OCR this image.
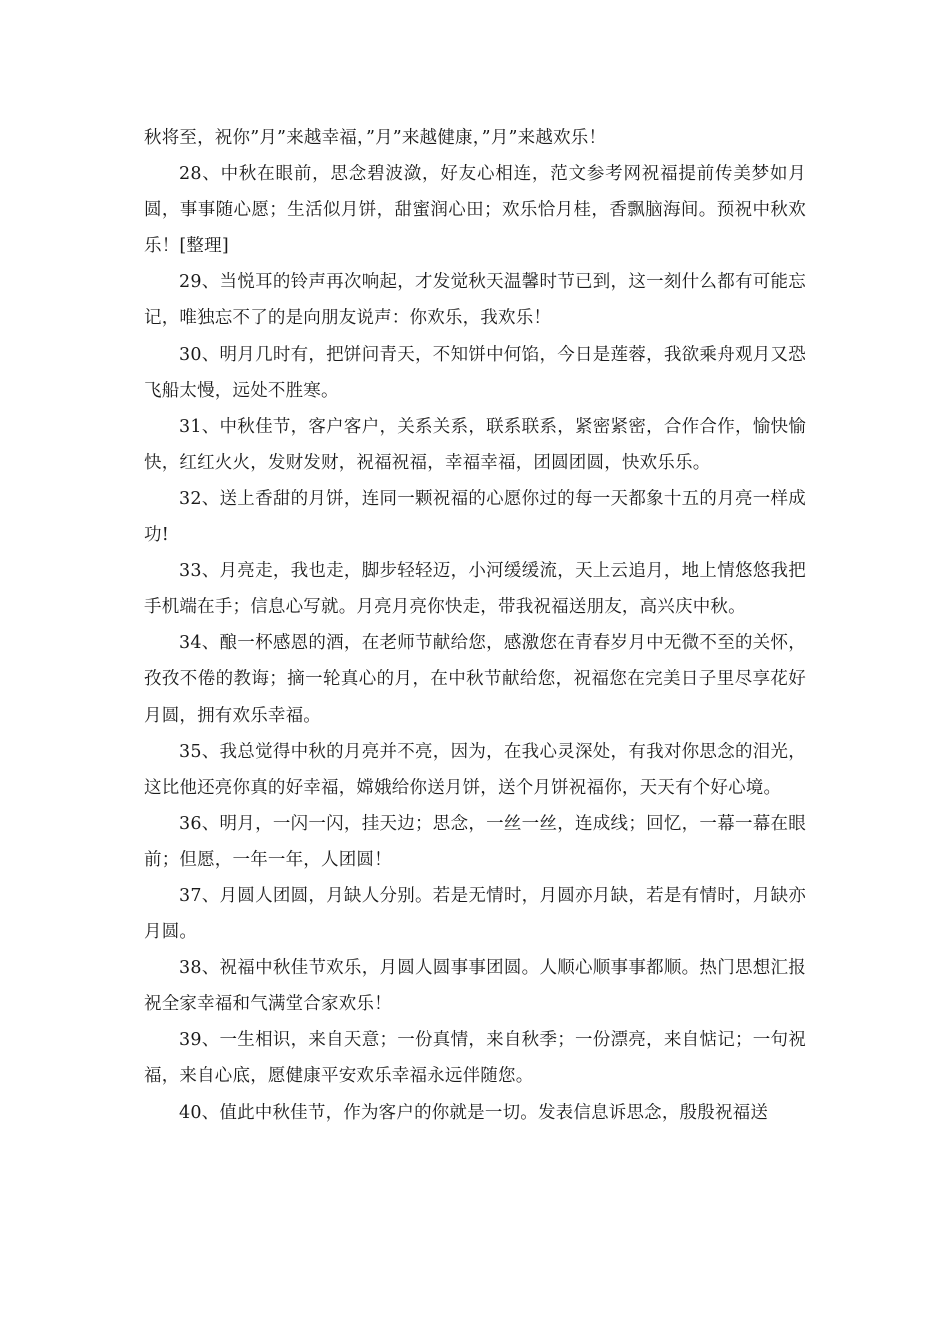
秋将至，祝你”月”来越幸福，”月”来越健康，”月”来越欢乐！

28、中秋在眼前，思念碧波潋，好友心相连，范文参考网祝福提前传美梦如月圆，事事随心愿；生活似月饼，甜蜜润心田；欢乐恰月桂，香飘脑海间。预祝中秋欢乐！[整理]

29、当悦耳的铃声再次响起，才发觉秋天温馨时节已到，这一刻什么都有可能忘记，唯独忘不了的是向朋友说声：你欢乐，我欢乐！

30、明月几时有，把饼问青天，不知饼中何馅，今日是莲蓉，我欲乘舟观月又恐飞船太慢，远处不胜寒。

31、中秋佳节，客户客户，关系关系，联系联系，紧密紧密，合作合作，愉快愉快，红红火火，发财发财，祝福祝福，幸福幸福，团圆团圆，快欢乐乐。

32、送上香甜的月饼，连同一颗祝福的心愿你过的每一天都象十五的月亮一样成功!

33、月亮走，我也走，脚步轻轻迈，小河缓缓流，天上云追月，地上情悠悠我把手机端在手；信息心写就。月亮月亮你快走，带我祝福送朋友，高兴庆中秋。

34、酿一杯感恩的酒，在老师节献给您，感激您在青春岁月中无微不至的关怀，孜孜不倦的教诲；摘一轮真心的月，在中秋节献给您，祝福您在完美日子里尽享花好月圆，拥有欢乐幸福。

35、我总觉得中秋的月亮并不亮，因为，在我心灵深处，有我对你思念的泪光，这比他还亮你真的好幸福，嫦娥给你送月饼，送个月饼祝福你，天天有个好心境。

36、明月，一闪一闪，挂天边；思念，一丝一丝，连成线；回忆，一幕一幕在眼前；但愿，一年一年，人团圆！

37、月圆人团圆，月缺人分别。若是无情时，月圆亦月缺，若是有情时，月缺亦月圆。

38、祝福中秋佳节欢乐，月圆人圆事事团圆。人顺心顺事事都顺。热门思想汇报祝全家幸福和气满堂合家欢乐！

39、一生相识，来自天意；一份真情，来自秋季；一份漂亮，来自惦记；一句祝福，来自心底，愿健康平安欢乐幸福永远伴随您。

40、值此中秋佳节，作为客户的你就是一切。发表信息诉思念，殷殷祝福送
